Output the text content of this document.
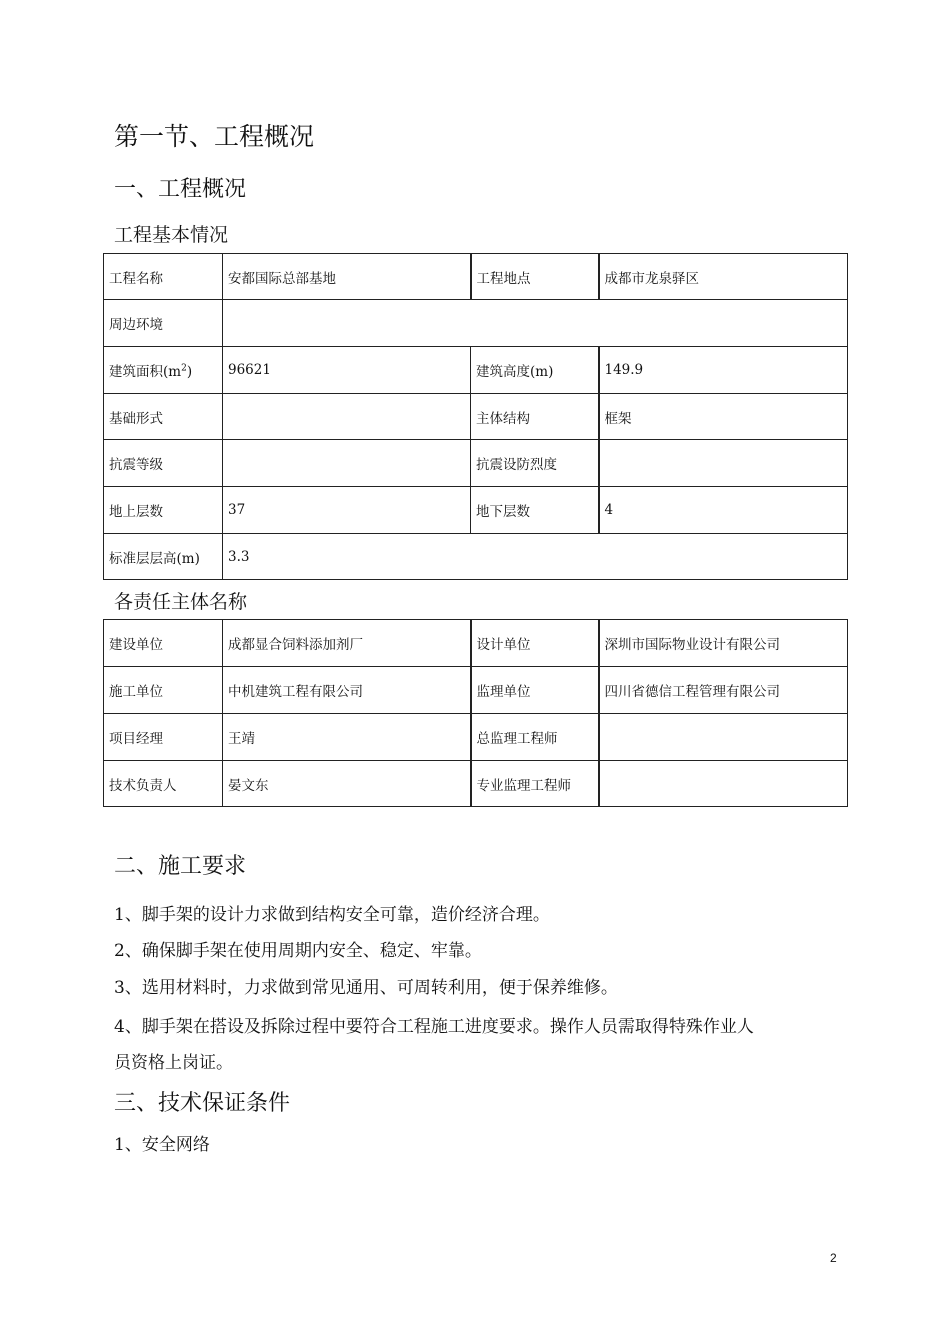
第一节、工程概况
一、工程概况
工程基本情况
工程名称	安都国际总部基地	工程地点	成都市龙泉驿区
周边环境			
建筑面积$(m^2)$	96621	建筑高度(m)	149.9
基础形式		主体结构	框架
抗震等级		抗震设防烈度	
地上层数	37	地下层数	4
标准层层高(m)	3.3		
各责任主体名称
建设单位	成都显合饲料添加剂厂	设计单位	深圳市国际物业设计有限公司
施工单位	中机建筑工程有限公司	监理单位	四川省德信工程管理有限公司
项目经理	王靖	总监理工程师	
技术负责人	晏文东	专业监理工程师	
二、施工要求
1、脚手架的设计力求做到结构安全可靠，造价经济合理。
2、确保脚手架在使用周期内安全、稳定、牢靠。
3、选用材料时，力求做到常见通用、可周转利用，便于保养维修。
4、脚手架在搭设及拆除过程中要符合工程施工进度要求。操作人员需取得特殊作业人
员资格上岗证。
三、技术保证条件
1、安全网络
2
